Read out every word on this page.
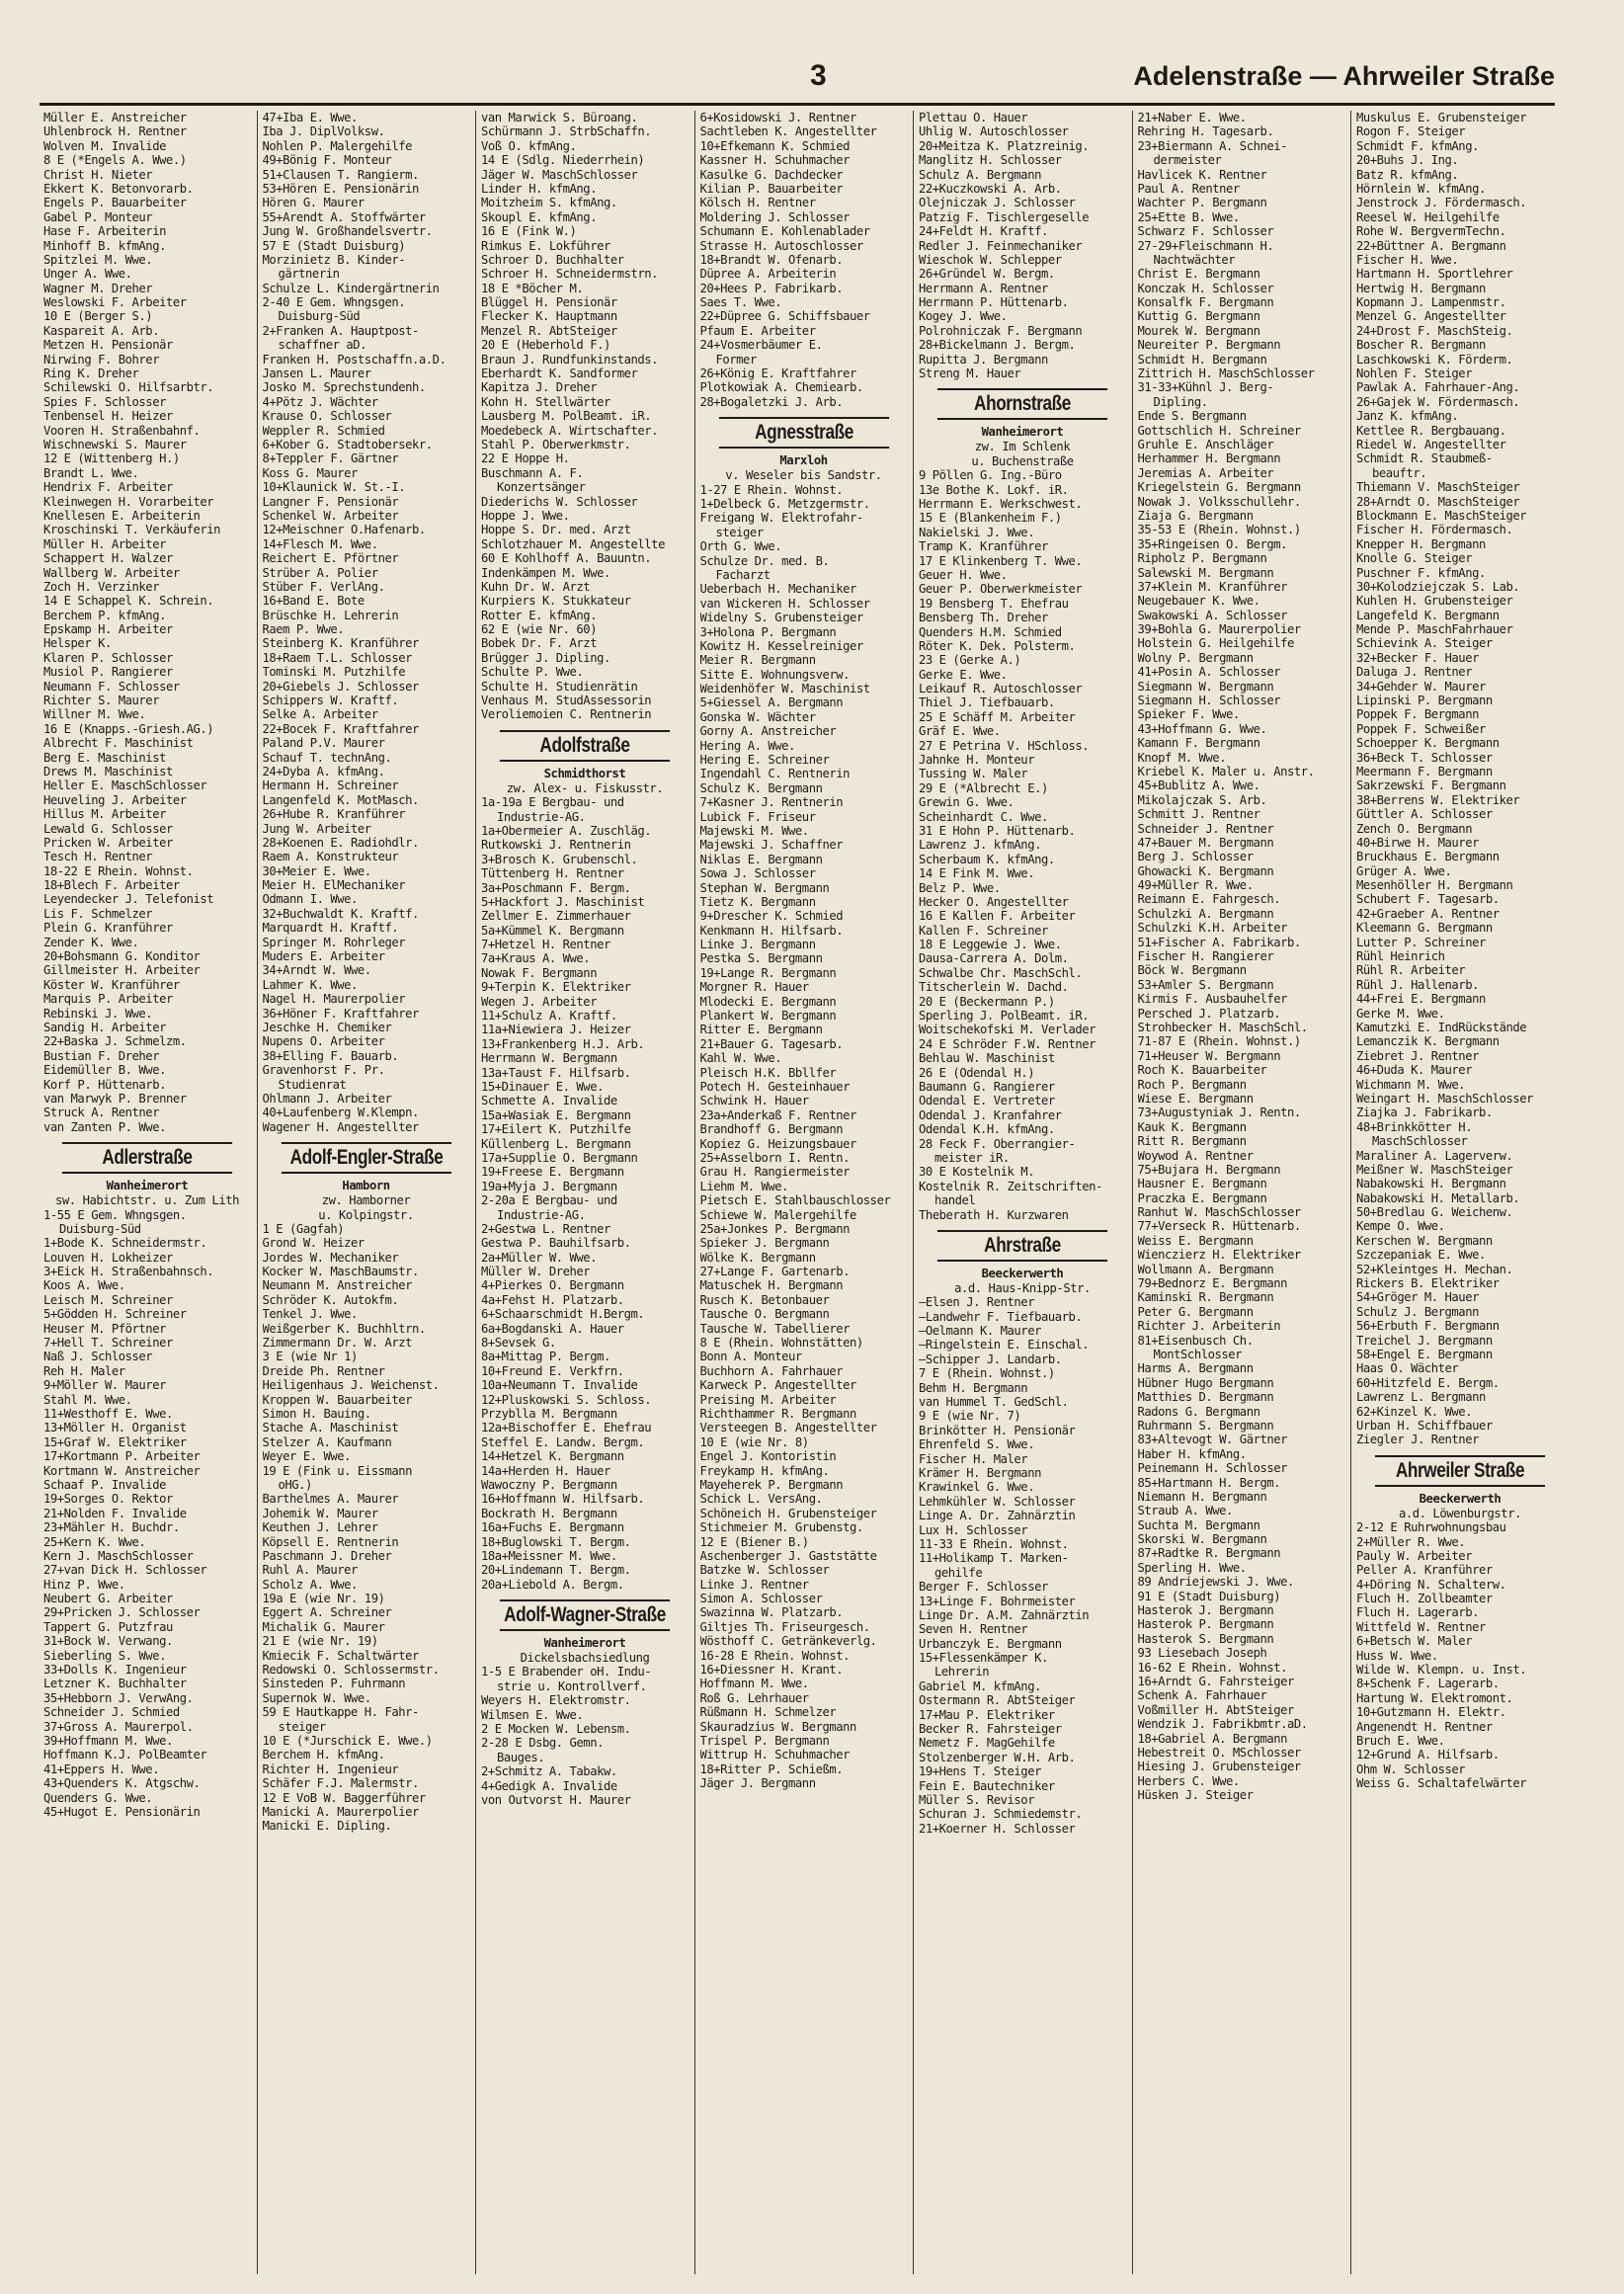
3	Adelenstraße — Ahrweiler Straße
Müller E. Anstreicher
Uhlenbrock H. Rentner
Wolven M. Invalide
8 E (*Engels A. Wwe.)
Christ H. Nieter
Ekkert K. Betonvorarb.
Engels P. Bauarbeiter
Gabel P. Monteur
Hase F. Arbeiterin
Minhoff B. kfmAng.
Spitzlei M. Wwe.
Unger A. Wwe.
Wagner M. Dreher
Weslowski F. Arbeiter
10 E (Berger S.)
Kaspareit A. Arb.
Metzen H. Pensionär
Nirwing F. Bohrer
Ring K. Dreher
Schilewski O. Hilfsarbtr.
Spies F. Schlosser
Tenbensel H. Heizer
Vooren H. Straßenbahnf.
Wischnewski S. Maurer
12 E (Wittenberg H.)
Brandt L. Wwe.
Hendrix F. Arbeiter
Kleinwegen H. Vorarbeiter
Knellesen E. Arbeiterin
Kroschinski T. Verkäuferin
Müller H. Arbeiter
Schappert H. Walzer
Wallberg W. Arbeiter
Zoch H. Verzinker
14 E Schappel K. Schrein.
Berchem P. kfmAng.
Epskamp H. Arbeiter
Helsper K.
Klaren P. Schlosser
Musiol P. Rangierer
Neumann F. Schlosser
Richter S. Maurer
Willner M. Wwe.
16 E (Knapps.-Griesh.AG.)
Albrecht F. Maschinist
Berg E. Maschinist
Drews M. Maschinist
Heller E. MaschSchlosser
Heuveling J. Arbeiter
Hillus M. Arbeiter
Lewald G. Schlosser
Pricken W. Arbeiter
Tesch H. Rentner
18-22 E Rhein. Wohnst.
18+Blech F. Arbeiter
Leyendecker J. Telefonist
Lis F. Schmelzer
Plein G. Kranführer
Zender K. Wwe.
20+Bohsmann G. Konditor
Gillmeister H. Arbeiter
Köster W. Kranführer
Marquis P. Arbeiter
Rebinski J. Wwe.
Sandig H. Arbeiter
22+Baska J. Schmelzm.
Bustian F. Dreher
Eidemüller B. Wwe.
Korf P. Hüttenarb.
van Marwyk P. Brenner
Struck A. Rentner
van Zanten P. Wwe.
Adlerstraße
Wanheimerort
sw. Habichtstr. u. Zum Lith
1-55 E Gem. Whngsgen.
Duisburg-Süd
1+Bode K. Schneidermstr.
Louven H. Lokheizer
3+Eick H. Straßenbahnsch.
Koos A. Wwe.
Leisch M. Schreiner
5+Gödden H. Schreiner
Heuser M. Pförtner
7+Hell T. Schreiner
Naß J. Schlosser
Reh H. Maler
9+Möller W. Maurer
Stahl M. Wwe.
11+Westhoff E. Wwe.
13+Möller H. Organist
15+Graf W. Elektriker
17+Kortmann P. Arbeiter
Kortmann W. Anstreicher
Schaaf P. Invalide
19+Sorges O. Rektor
21+Nolden F. Invalide
23+Mähler H. Buchdr.
25+Kern K. Wwe.
Kern J. MaschSchlosser
27+van Dick H. Schlosser
Hinz P. Wwe.
Neubert G. Arbeiter
29+Pricken J. Schlosser
Tappert G. Putzfrau
31+Bock W. Verwang.
Sieberling S. Wwe.
33+Dolls K. Ingenieur
Letzner K. Buchhalter
35+Hebborn J. VerwAng.
Schneider J. Schmied
37+Gross A. Maurerpol.
39+Hoffmann M. Wwe.
Hoffmann K.J. PolBeamter
41+Eppers H. Wwe.
43+Quenders K. Atgschw.
Quenders G. Wwe.
45+Hugot E. Pensionärin
47+Iba E. Wwe.
Iba J. DiplVolksw.
Nohlen P. Malergehilfe
49+Bönig F. Monteur
51+Clausen T. Rangierm.
53+Hören E. Pensionärin
Hören G. Maurer
55+Arendt A. Stoffwärter
Jung W. Großhandelsvertr.
57 E (Stadt Duisburg)
Morzinietz B. Kinder-
gärtnerin
Schulze L. Kindergärtnerin
2-40 E Gem. Whngsgen.
Duisburg-Süd
2+Franken A. Hauptpost-
schaffner aD.
Franken H. Postschaffn.a.D.
Jansen L. Maurer
Josko M. Sprechstundenh.
4+Pötz J. Wächter
Krause O. Schlosser
Weppler R. Schmied
6+Kober G. Stadtobersekr.
8+Teppler F. Gärtner
Koss G. Maurer
10+Klaunick W. St.-I.
Langner F. Pensionär
Schenkel W. Arbeiter
12+Meischner O.Hafenarb.
14+Flesch M. Wwe.
Reichert E. Pförtner
Strüber A. Polier
Stüber F. VerlAng.
16+Band E. Bote
Brüschke H. Lehrerin
Raem P. Wwe.
Steinberg K. Kranführer
18+Raem T.L. Schlosser
Tominski M. Putzhilfe
20+Giebels J. Schlosser
Schippers W. Kraftf.
Selke A. Arbeiter
22+Bocek F. Kraftfahrer
Paland P.V. Maurer
Schauf T. technAng.
24+Dyba A. kfmAng.
Hermann H. Schreiner
Langenfeld K. MotMasch.
26+Hube R. Kranführer
Jung W. Arbeiter
28+Koenen E. Radiohdlr.
Raem A. Konstrukteur
30+Meier E. Wwe.
Meier H. ElMechaniker
Odmann I. Wwe.
32+Buchwaldt K. Kraftf.
Marquardt H. Kraftf.
Springer M. Rohrleger
Muders E. Arbeiter
34+Arndt W. Wwe.
Lahmer K. Wwe.
Nagel H. Maurerpolier
36+Höner F. Kraftfahrer
Jeschke H. Chemiker
Nupens O. Arbeiter
38+Elling F. Bauarb.
Gravenhorst F. Pr.
Studienrat
Ohlmann J. Arbeiter
40+Laufenberg W.Klempn.
Wagener H. Angestellter
Adolf-Engler-Straße
Hamborn
zw. Hamborner
u. Kolpingstr.
1 E (Gagfah)
Grond W. Heizer
Jordes W. Mechaniker
Kocker W. MaschBaumstr.
Neumann M. Anstreicher
Schröder K. Autokfm.
Tenkel J. Wwe.
Weißgerber K. Buchhltrn.
Zimmermann Dr. W. Arzt
3 E (wie Nr 1)
Dreide Ph. Rentner
Heiligenhaus J. Weichenst.
Kroppen W. Bauarbeiter
Simon H. Bauing.
Stache A. Maschinist
Stelzer A. Kaufmann
Weyer E. Wwe.
19 E (Fink u. Eissmann
oHG.)
Barthelmes A. Maurer
Johemik W. Maurer
Keuthen J. Lehrer
Köpsell E. Rentnerin
Paschmann J. Dreher
Ruhl A. Maurer
Scholz A. Wwe.
19a E (wie Nr. 19)
Eggert A. Schreiner
Michalik G. Maurer
21 E (wie Nr. 19)
Kmiecik F. Schaltwärter
Redowski O. Schlossermstr.
Sinsteden P. Fuhrmann
Supernok W. Wwe.
59 E Hautkappe H. Fahr-
steiger
10 E (*Jurschick E. Wwe.)
Berchem H. kfmAng.
Richter H. Ingenieur
Schäfer F.J. Malermstr.
12 E VoB W. Baggerführer
Manicki A. Maurerpolier
Manicki E. Dipling.
van Marwick S. Büroang.
Schürmann J. StrbSchaffn.
Voß O. kfmAng.
14 E (Sdlg. Niederrhein)
Jäger W. MaschSchlosser
Linder H. kfmAng.
Moitzheim S. kfmAng.
Skoupl E. kfmAng.
16 E (Fink W.)
Rimkus E. Lokführer
Schroer D. Buchhalter
Schroer H. Schneidermstrn.
18 E *Böcher M.
Blüggel H. Pensionär
Flecker K. Hauptmann
Menzel R. AbtSteiger
20 E (Heberhold F.)
Braun J. Rundfunkinstands.
Eberhardt K. Sandformer
Kapitza J. Dreher
Kohn H. Stellwärter
Lausberg M. PolBeamt. iR.
Moedebeck A. Wirtschafter.
Stahl P. Oberwerkmstr.
22 E Hoppe H.
Buschmann A. F.
Konzertsänger
Diederichs W. Schlosser
Hoppe J. Wwe.
Hoppe S. Dr. med. Arzt
Schlotzhauer M. Angestellte
60 E Kohlhoff A. Bauuntn.
Indenkämpen M. Wwe.
Kuhn Dr. W. Arzt
Kurpiers K. Stukkateur
Rotter E. kfmAng.
62 E (wie Nr. 60)
Bobek Dr. F. Arzt
Brügger J. Dipling.
Schulte P. Wwe.
Schulte H. Studienrätin
Venhaus M. StudAssessorin
Veroliemoien C. Rentnerin
Adolfstraße
Schmidthorst
zw. Alex- u. Fiskusstr.
1a-19a E Bergbau- und
Industrie-AG.
1a+Obermeier A. Zuschläg.
Rutkowski J. Rentnerin
3+Brosch K. Grubenschl.
Tüttenberg H. Rentner
3a+Poschmann F. Bergm.
5+Hackfort J. Maschinist
Zellmer E. Zimmerhauer
5a+Kümmel K. Bergmann
7+Hetzel H. Rentner
7a+Kraus A. Wwe.
Nowak F. Bergmann
9+Terpin K. Elektriker
Wegen J. Arbeiter
11+Schulz A. Kraftf.
11a+Niewiera J. Heizer
13+Frankenberg H.J. Arb.
Herrmann W. Bergmann
13a+Taust F. Hilfsarb.
15+Dinauer E. Wwe.
Schmette A. Invalide
15a+Wasiak E. Bergmann
17+Eilert K. Putzhilfe
Küllenberg L. Bergmann
17a+Supplie O. Bergmann
19+Freese E. Bergmann
19a+Myja J. Bergmann
2-20a E Bergbau- und
Industrie-AG.
2+Gestwa L. Rentner
Gestwa P. Bauhilfsarb.
2a+Müller W. Wwe.
Müller W. Dreher
4+Pierkes O. Bergmann
4a+Fehst H. Platzarb.
6+Schaarschmidt H.Bergm.
6a+Bogdanski A. Hauer
8+Sevsek G.
8a+Mittag P. Bergm.
10+Freund E. Verkfrn.
10a+Neumann T. Invalide
12+Pluskowski S. Schloss.
Przyblla M. Bergmann
12a+Bischoffer E. Ehefrau
Steffel E. Landw. Bergm.
14+Hetzel K. Bergmann
14a+Herden H. Hauer
Wawoczny P. Bergmann
16+Hoffmann W. Hilfsarb.
Bockrath H. Bergmann
16a+Fuchs E. Bergmann
18+Buglowski T. Bergm.
18a+Meissner M. Wwe.
20+Lindemann T. Bergm.
20a+Liebold A. Bergm.
Adolf-Wagner-Straße
Wanheimerort
Dickelsbachsiedlung
1-5 E Brabender oH. Indu-
strie u. Kontrollverf.
Weyers H. Elektromstr.
Wilmsen E. Wwe.
2 E Mocken W. Lebensm.
2-28 E Dsbg. Gemn.
Bauges.
2+Schmitz A. Tabakw.
4+Gedigk A. Invalide
von Outvorst H. Maurer
6+Kosidowski J. Rentner
Sachtleben K. Angestellter
10+Efkemann K. Schmied
Kassner H. Schuhmacher
Kasulke G. Dachdecker
Kilian P. Bauarbeiter
Kölsch H. Rentner
Moldering J. Schlosser
Schumann E. Kohlenablader
Strasse H. Autoschlosser
18+Brandt W. Ofenarb.
Düpree A. Arbeiterin
20+Hees P. Fabrikarb.
Saes T. Wwe.
22+Düpree G. Schiffsbauer
Pfaum E. Arbeiter
24+Vosmerbäumer E.
Former
26+König E. Kraftfahrer
Plotkowiak A. Chemiearb.
28+Bogaletzki J. Arb.
Agnesstraße
Marxloh
v. Weseler bis Sandstr.
1-27 E Rhein. Wohnst.
1+Delbeck G. Metzgermstr.
Freigang W. Elektrofahr-
steiger
Orth G. Wwe.
Schulze Dr. med. B.
Facharzt
Ueberbach H. Mechaniker
van Wickeren H. Schlosser
Widelny S. Grubensteiger
3+Holona P. Bergmann
Kowitz H. Kesselreiniger
Meier R. Bergmann
Sitte E. Wohnungsverw.
Weidenhöfer W. Maschinist
5+Giessel A. Bergmann
Gonska W. Wächter
Gorny A. Anstreicher
Hering A. Wwe.
Hering E. Schreiner
Ingendahl C. Rentnerin
Schulz K. Bergmann
7+Kasner J. Rentnerin
Lubick F. Friseur
Majewski M. Wwe.
Majewski J. Schaffner
Niklas E. Bergmann
Sowa J. Schlosser
Stephan W. Bergmann
Tietz K. Bergmann
9+Drescher K. Schmied
Kenkmann H. Hilfsarb.
Linke J. Bergmann
Pestka S. Bergmann
19+Lange R. Bergmann
Morgner R. Hauer
Mlodecki E. Bergmann
Plankert W. Bergmann
Ritter E. Bergmann
21+Bauer G. Tagesarb.
Kahl W. Wwe.
Pleisch H.K. Bbllfer
Potech H. Gesteinhauer
Schwink H. Hauer
23a+Anderkaß F. Rentner
Brandhoff G. Bergmann
Kopiez G. Heizungsbauer
25+Asselborn I. Rentn.
Grau H. Rangiermeister
Liehm M. Wwe.
Pietsch E. Stahlbauschlosser
Schiewe W. Malergehilfe
25a+Jonkes P. Bergmann
Spieker J. Bergmann
Wölke K. Bergmann
27+Lange F. Gartenarb.
Matuschek H. Bergmann
Rusch K. Betonbauer
Tausche O. Bergmann
Tausche W. Tabellierer
8 E (Rhein. Wohnstätten)
Bonn A. Monteur
Buchhorn A. Fahrhauer
Karweck P. Angestellter
Preising M. Arbeiter
Richthammer R. Bergmann
Versteegen B. Angestellter
10 E (wie Nr. 8)
Engel J. Kontoristin
Freykamp H. kfmAng.
Mayeherek P. Bergmann
Schick L. VersAng.
Schöneich H. Grubensteiger
Stichmeier M. Grubenstg.
12 E (Biener B.)
Aschenberger J. Gaststätte
Batzke W. Schlosser
Linke J. Rentner
Simon A. Schlosser
Swazinna W. Platzarb.
Giltjes Th. Friseurgesch.
Wösthoff C. Getränkeverlg.
16-28 E Rhein. Wohnst.
16+Diessner H. Krant.
Hoffmann M. Wwe.
Roß G. Lehrhauer
Rüßmann H. Schmelzer
Skauradzius W. Bergmann
Trispel P. Bergmann
Wittrup H. Schuhmacher
18+Ritter P. Schießm.
Jäger J. Bergmann
Plettau O. Hauer
Uhlig W. Autoschlosser
20+Meitza K. Platzreinig.
Manglitz H. Schlosser
Schulz A. Bergmann
22+Kuczkowski A. Arb.
Olejniczak J. Schlosser
Patzig F. Tischlergeselle
24+Feldt H. Kraftf.
Redler J. Feinmechaniker
Wieschok W. Schlepper
26+Gründel W. Bergm.
Herrmann A. Rentner
Herrmann P. Hüttenarb.
Kogey J. Wwe.
Polrohniczak F. Bergmann
28+Bickelmann J. Bergm.
Rupitta J. Bergmann
Streng M. Hauer
Ahornstraße
Wanheimerort
zw. Im Schlenk
u. Buchenstraße
9 Pöllen G. Ing.-Büro
13e Bothe K. Lokf. iR.
Herrmann E. Werkschwest.
15 E (Blankenheim F.)
Nakielski J. Wwe.
Tramp K. Kranführer
17 E Klinkenberg T. Wwe.
Geuer H. Wwe.
Geuer P. Oberwerkmeister
19 Bensberg T. Ehefrau
Bensberg Th. Dreher
Quenders H.M. Schmied
Röter K. Dek. Polsterm.
23 E (Gerke A.)
Gerke E. Wwe.
Leikauf R. Autoschlosser
Thiel J. Tiefbauarb.
25 E Schäff M. Arbeiter
Gräf E. Wwe.
27 E Petrina V. HSchloss.
Jahnke H. Monteur
Tussing W. Maler
29 E (*Albrecht E.)
Grewin G. Wwe.
Scheinhardt C. Wwe.
31 E Hohn P. Hüttenarb.
Lawrenz J. kfmAng.
Scherbaum K. kfmAng.
14 E Fink M. Wwe.
Belz P. Wwe.
Hecker O. Angestellter
16 E Kallen F. Arbeiter
Kallen F. Schreiner
18 E Leggewie J. Wwe.
Dausa-Carrera A. Dolm.
Schwalbe Chr. MaschSchl.
Titscherlein W. Dachd.
20 E (Beckermann P.)
Sperling J. PolBeamt. iR.
Woitschekofski M. Verlader
24 E Schröder F.W. Rentner
Behlau W. Maschinist
26 E (Odendal H.)
Baumann G. Rangierer
Odendal E. Vertreter
Odendal J. Kranfahrer
Odendal K.H. kfmAng.
28 Feck F. Oberrangier-
meister iR.
30 E Kostelnik M.
Kostelnik R. Zeitschriften-
handel
Theberath H. Kurzwaren
Ahrstraße
Beeckerwerth
a.d. Haus-Knipp-Str.
—Elsen J. Rentner
—Landwehr F. Tiefbauarb.
—Oelmann K. Maurer
—Ringelstein E. Einschal.
—Schipper J. Landarb.
7 E (Rhein. Wohnst.)
Behm H. Bergmann
van Hummel T. GedSchl.
9 E (wie Nr. 7)
Brinkötter H. Pensionär
Ehrenfeld S. Wwe.
Fischer H. Maler
Krämer H. Bergmann
Krawinkel G. Wwe.
Lehmkühler W. Schlosser
Linge A. Dr. Zahnärztin
Lux H. Schlosser
11-33 E Rhein. Wohnst.
11+Holikamp T. Marken-
gehilfe
Berger F. Schlosser
13+Linge F. Bohrmeister
Linge Dr. A.M. Zahnärztin
Seven H. Rentner
Urbanczyk E. Bergmann
15+Flessenkämper K.
Lehrerin
Gabriel M. kfmAng.
Ostermann R. AbtSteiger
17+Mau P. Elektriker
Becker R. Fahrsteiger
Nemetz F. MagGehilfe
Stolzenberger W.H. Arb.
19+Hens T. Steiger
Fein E. Bautechniker
Müller S. Revisor
Schuran J. Schmiedemstr.
21+Koerner H. Schlosser
21+Naber E. Wwe.
Rehring H. Tagesarb.
23+Biermann A. Schnei-
dermeister
Havlicek K. Rentner
Paul A. Rentner
Wachter P. Bergmann
25+Ette B. Wwe.
Schwarz F. Schlosser
27-29+Fleischmann H.
Nachtwächter
Christ E. Bergmann
Konczak H. Schlosser
Konsalfk F. Bergmann
Kuttig G. Bergmann
Mourek W. Bergmann
Neureiter P. Bergmann
Schmidt H. Bergmann
Zittrich H. MaschSchlosser
31-33+Kühnl J. Berg-
Dipling.
Ende S. Bergmann
Gottschlich H. Schreiner
Gruhle E. Anschläger
Herhammer H. Bergmann
Jeremias A. Arbeiter
Kriegelstein G. Bergmann
Nowak J. Volksschullehr.
Ziaja G. Bergmann
35-53 E (Rhein. Wohnst.)
35+Ringeisen O. Bergm.
Ripholz P. Bergmann
Salewski M. Bergmann
37+Klein M. Kranführer
Neugebauer K. Wwe.
Swakowski A. Schlosser
39+Bohla G. Maurerpolier
Holstein G. Heilgehilfe
Wolny P. Bergmann
41+Posin A. Schlosser
Siegmann W. Bergmann
Siegmann H. Schlosser
Spieker F. Wwe.
43+Hoffmann G. Wwe.
Kamann F. Bergmann
Knopf M. Wwe.
Kriebel K. Maler u. Anstr.
45+Bublitz A. Wwe.
Mikolajczak S. Arb.
Schmitt J. Rentner
Schneider J. Rentner
47+Bauer M. Bergmann
Berg J. Schlosser
Ghowacki K. Bergmann
49+Müller R. Wwe.
Reimann E. Fahrgesch.
Schulzki A. Bergmann
Schulzki K.H. Arbeiter
51+Fischer A. Fabrikarb.
Fischer H. Rangierer
Böck W. Bergmann
53+Amler S. Bergmann
Kirmis F. Ausbauhelfer
Persched J. Platzarb.
Strohbecker H. MaschSchl.
71-87 E (Rhein. Wohnst.)
71+Heuser W. Bergmann
Roch K. Bauarbeiter
Roch P. Bergmann
Wiese E. Bergmann
73+Augustyniak J. Rentn.
Kauk K. Bergmann
Ritt R. Bergmann
Woywod A. Rentner
75+Bujara H. Bergmann
Hausner E. Bergmann
Praczka E. Bergmann
Ranhut W. MaschSchlosser
77+Verseck R. Hüttenarb.
Weiss E. Bergmann
Wienczierz H. Elektriker
Wollmann A. Bergmann
79+Bednorz E. Bergmann
Kaminski R. Bergmann
Peter G. Bergmann
Richter J. Arbeiterin
81+Eisenbusch Ch.
MontSchlosser
Harms A. Bergmann
Hübner Hugo Bergmann
Matthies D. Bergmann
Radons G. Bergmann
Ruhrmann S. Bergmann
83+Altevogt W. Gärtner
Haber H. kfmAng.
Peinemann H. Schlosser
85+Hartmann H. Bergm.
Niemann H. Bergmann
Straub A. Wwe.
Suchta M. Bergmann
Skorski W. Bergmann
87+Radtke R. Bergmann
Sperling H. Wwe.
89 Andriejewski J. Wwe.
91 E (Stadt Duisburg)
Hasterok J. Bergmann
Hasterok P. Bergmann
Hasterok S. Bergmann
93 Liesebach Joseph
16-62 E Rhein. Wohnst.
16+Arndt G. Fahrsteiger
Schenk A. Fahrhauer
Voßmiller H. AbtSteiger
Wendzik J. Fabrikbmtr.aD.
18+Gabriel A. Bergmann
Hebestreit O. MSchlosser
Hiesing J. Grubensteiger
Herbers C. Wwe.
Hüsken J. Steiger
Muskulus E. Grubensteiger
Rogon F. Steiger
Schmidt F. kfmAng.
20+Buhs J. Ing.
Batz R. kfmAng.
Hörnlein W. kfmAng.
Jenstrock J. Fördermasch.
Reesel W. Heilgehilfe
Rohe W. BergvermTechn.
22+Büttner A. Bergmann
Fischer H. Wwe.
Hartmann H. Sportlehrer
Hertwig H. Bergmann
Kopmann J. Lampenmstr.
Menzel G. Angestellter
24+Drost F. MaschSteig.
Boscher R. Bergmann
Laschkowski K. Förderm.
Nohlen F. Steiger
Pawlak A. Fahrhauer-Ang.
26+Gajek W. Fördermasch.
Janz K. kfmAng.
Kettlee R. Bergbauang.
Riedel W. Angestellter
Schmidt R. Staubmeß-
beauftr.
Thiemann V. MaschSteiger
28+Arndt O. MaschSteiger
Blockmann E. MaschSteiger
Fischer H. Fördermasch.
Knepper H. Bergmann
Knolle G. Steiger
Puschner F. kfmAng.
30+Kolodziejczak S. Lab.
Kuhlen H. Grubensteiger
Langefeld K. Bergmann
Mende P. MaschFahrhauer
Schievink A. Steiger
32+Becker F. Hauer
Daluga J. Rentner
34+Gehder W. Maurer
Lipinski P. Bergmann
Poppek F. Bergmann
Poppek F. Schweißer
Schoepper K. Bergmann
36+Beck T. Schlosser
Meermann F. Bergmann
Sakrzewski F. Bergmann
38+Berrens W. Elektriker
Güttler A. Schlosser
Zench O. Bergmann
40+Birwe H. Maurer
Bruckhaus E. Bergmann
Grüger A. Wwe.
Mesenhöller H. Bergmann
Schubert F. Tagesarb.
42+Graeber A. Rentner
Kleemann G. Bergmann
Lutter P. Schreiner
Rühl Heinrich
Rühl R. Arbeiter
Rühl J. Hallenarb.
44+Frei E. Bergmann
Gerke M. Wwe.
Kamutzki E. IndRückstände
Lemanczik K. Bergmann
Ziebret J. Rentner
46+Duda K. Maurer
Wichmann M. Wwe.
Weingart H. MaschSchlosser
Ziajka J. Fabrikarb.
48+Brinkkötter H.
MaschSchlosser
Maraliner A. Lagerverw.
Meißner W. MaschSteiger
Nabakowski H. Bergmann
Nabakowski H. Metallarb.
50+Bredlau G. Weichenw.
Kempe O. Wwe.
Kerschen W. Bergmann
Szczepaniak E. Wwe.
52+Kleintges H. Mechan.
Rickers B. Elektriker
54+Gröger M. Hauer
Schulz J. Bergmann
56+Erbuth F. Bergmann
Treichel J. Bergmann
58+Engel E. Bergmann
Haas O. Wächter
60+Hitzfeld E. Bergm.
Lawrenz L. Bergmann
62+Kinzel K. Wwe.
Urban H. Schiffbauer
Ziegler J. Rentner
Ahrweiler Straße
Beeckerwerth
a.d. Löwenburgstr.
2-12 E Ruhrwohnungsbau
2+Müller R. Wwe.
Pauly W. Arbeiter
Peller A. Kranführer
4+Döring N. Schalterw.
Fluch H. Zollbeamter
Fluch H. Lagerarb.
Wittfeld W. Rentner
6+Betsch W. Maler
Huss W. Wwe.
Wilde W. Klempn. u. Inst.
8+Schenk F. Lagerarb.
Hartung W. Elektromont.
10+Gutzmann H. Elektr.
Angenendt H. Rentner
Bruch E. Wwe.
12+Grund A. Hilfsarb.
Ohm W. Schlosser
Weiss G. Schaltafelwärter
